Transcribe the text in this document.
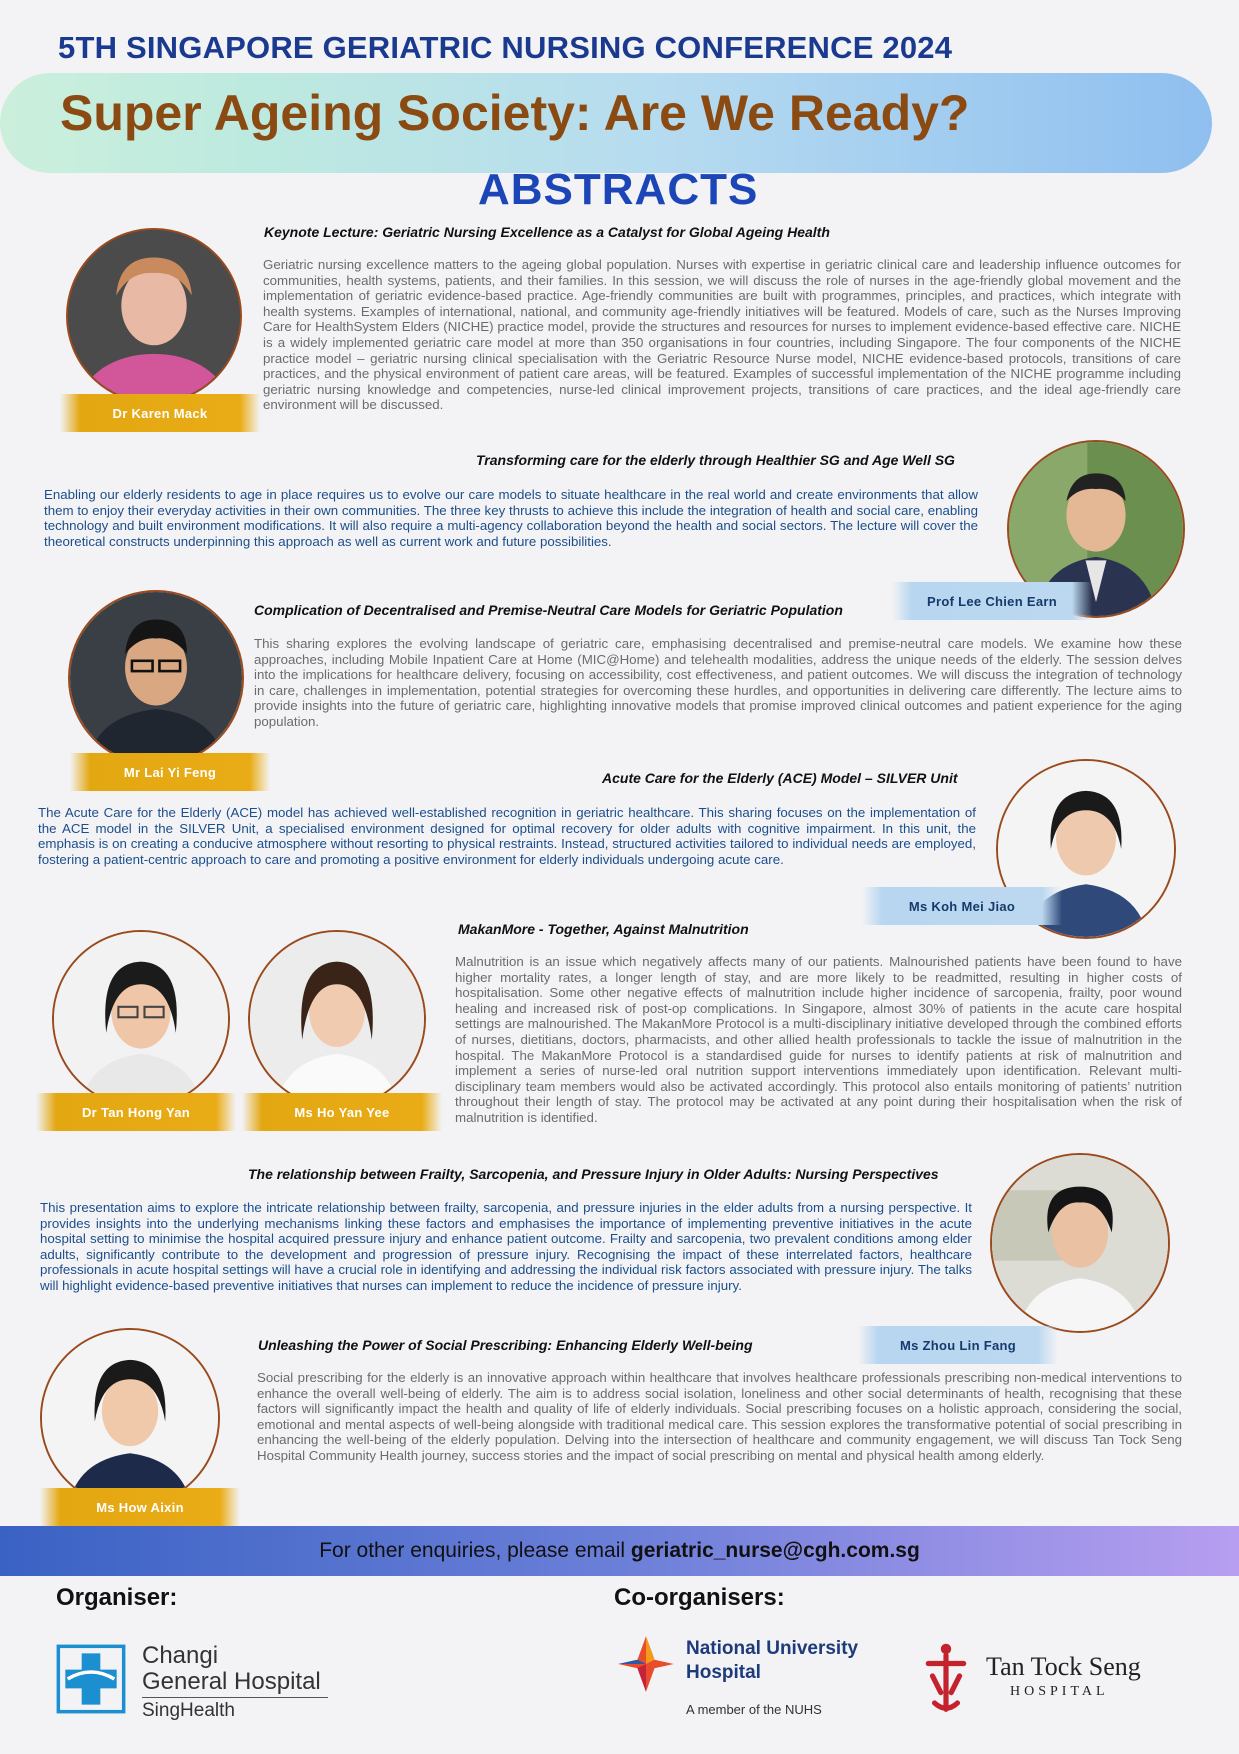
5TH SINGAPORE GERIATRIC NURSING CONFERENCE 2024
Super Ageing Society: Are We Ready?
ABSTRACTS
Dr Karen Mack
Keynote Lecture: Geriatric Nursing Excellence as a Catalyst for Global Ageing Health
Geriatric nursing excellence matters to the ageing global population. Nurses with expertise in geriatric clinical care and leadership influence outcomes for communities, health systems, patients, and their families. In this session, we will discuss the role of nurses in the age-friendly global movement and the implementation of geriatric evidence-based practice. Age-friendly communities are built with programmes, principles, and practices, which integrate with health systems. Examples of international, national, and community age-friendly initiatives will be featured. Models of care, such as the Nurses Improving Care for HealthSystem Elders (NICHE) practice model, provide the structures and resources for nurses to implement evidence-based effective care. NICHE is a widely implemented geriatric care model at more than 350 organisations in four countries, including Singapore. The four components of the NICHE practice model – geriatric nursing clinical specialisation with the Geriatric Resource Nurse model, NICHE evidence-based protocols, transitions of care practices, and the physical environment of patient care areas, will be featured. Examples of successful implementation of the NICHE programme including geriatric nursing knowledge and competencies, nurse-led clinical improvement projects, transitions of care practices, and the ideal age-friendly care environment will be discussed.
Transforming care for the elderly through Healthier SG and Age Well SG
Enabling our elderly residents to age in place requires us to evolve our care models to situate healthcare in the real world and create environments that allow them to enjoy their everyday activities in their own communities. The three key thrusts to achieve this include the integration of health and social care, enabling technology and built environment modifications. It will also require a multi-agency collaboration beyond the health and social sectors. The lecture will cover the theoretical constructs underpinning this approach as well as current work and future possibilities.
Prof Lee Chien Earn
Mr Lai Yi Feng
Complication of Decentralised and Premise-Neutral Care Models for Geriatric Population
This sharing explores the evolving landscape of geriatric care, emphasising decentralised and premise-neutral care models. We examine how these approaches, including Mobile Inpatient Care at Home (MIC@Home) and telehealth modalities, address the unique needs of the elderly. The session delves into the implications for healthcare delivery, focusing on accessibility, cost effectiveness, and patient outcomes. We will discuss the integration of technology in care, challenges in implementation, potential strategies for overcoming these hurdles, and opportunities in delivering care differently. The lecture aims to provide insights into the future of geriatric care, highlighting innovative models that promise improved clinical outcomes and patient experience for the aging population.
Acute Care for the Elderly (ACE) Model – SILVER Unit
The Acute Care for the Elderly (ACE) model has achieved well-established recognition in geriatric healthcare. This sharing focuses on the implementation of the ACE model in the SILVER Unit, a specialised environment designed for optimal recovery for older adults with cognitive impairment. In this unit, the emphasis is on creating a conducive atmosphere without resorting to physical restraints. Instead, structured activities tailored to individual needs are employed, fostering a patient-centric approach to care and promoting a positive environment for elderly individuals undergoing acute care.
Ms Koh Mei Jiao
MakanMore - Together, Against Malnutrition
Dr Tan Hong Yan	Ms Ho Yan Yee
Malnutrition is an issue which negatively affects many of our patients. Malnourished patients have been found to have higher mortality rates, a longer length of stay, and are more likely to be readmitted, resulting in higher costs of hospitalisation. Some other negative effects of malnutrition include higher incidence of sarcopenia, frailty, poor wound healing and increased risk of post-op complications. In Singapore, almost 30% of patients in the acute care hospital settings are malnourished. The MakanMore Protocol is a multi-disciplinary initiative developed through the combined efforts of nurses, dietitians, doctors, pharmacists, and other allied health professionals to tackle the issue of malnutrition in the hospital. The MakanMore Protocol is a standardised guide for nurses to identify patients at risk of malnutrition and implement a series of nurse-led oral nutrition support interventions immediately upon identification. Relevant multi-disciplinary team members would also be activated accordingly. This protocol also entails monitoring of patients’ nutrition throughout their length of stay. The protocol may be activated at any point during their hospitalisation when the risk of malnutrition is identified.
The relationship between Frailty, Sarcopenia, and Pressure Injury in Older Adults: Nursing Perspectives
This presentation aims to explore the intricate relationship between frailty, sarcopenia, and pressure injuries in the elder adults from a nursing perspective. It provides insights into the underlying mechanisms linking these factors and emphasises the importance of implementing preventive initiatives in the acute hospital setting to minimise the hospital acquired pressure injury and enhance patient outcome. Frailty and sarcopenia, two prevalent conditions among elder adults, significantly contribute to the development and progression of pressure injury. Recognising the impact of these interrelated factors, healthcare professionals in acute hospital settings will have a crucial role in identifying and addressing the individual risk factors associated with pressure injury. The talks will highlight evidence-based preventive initiatives that nurses can implement to reduce the incidence of pressure injury.
Ms Zhou Lin Fang
Ms How Aixin
Unleashing the Power of Social Prescribing: Enhancing Elderly Well-being
Social prescribing for the elderly is an innovative approach within healthcare that involves healthcare professionals prescribing non-medical interventions to enhance the overall well-being of elderly. The aim is to address social isolation, loneliness and other social determinants of health, recognising that these factors will significantly impact the health and quality of life of elderly individuals. Social prescribing focuses on a holistic approach, considering the social, emotional and mental aspects of well-being alongside with traditional medical care. This session explores the transformative potential of social prescribing in enhancing the well-being of the elderly population. Delving into the intersection of healthcare and community engagement, we will discuss Tan Tock Seng Hospital Community Health journey, success stories and the impact of social prescribing on mental and physical health among elderly.
For other enquiries, please email geriatric_nurse@cgh.com.sg
Organiser:	Co-organisers:
Changi
General Hospital
SingHealth
National University
Hospital
A member of the NUHS
Tan Tock Seng
HOSPITAL
